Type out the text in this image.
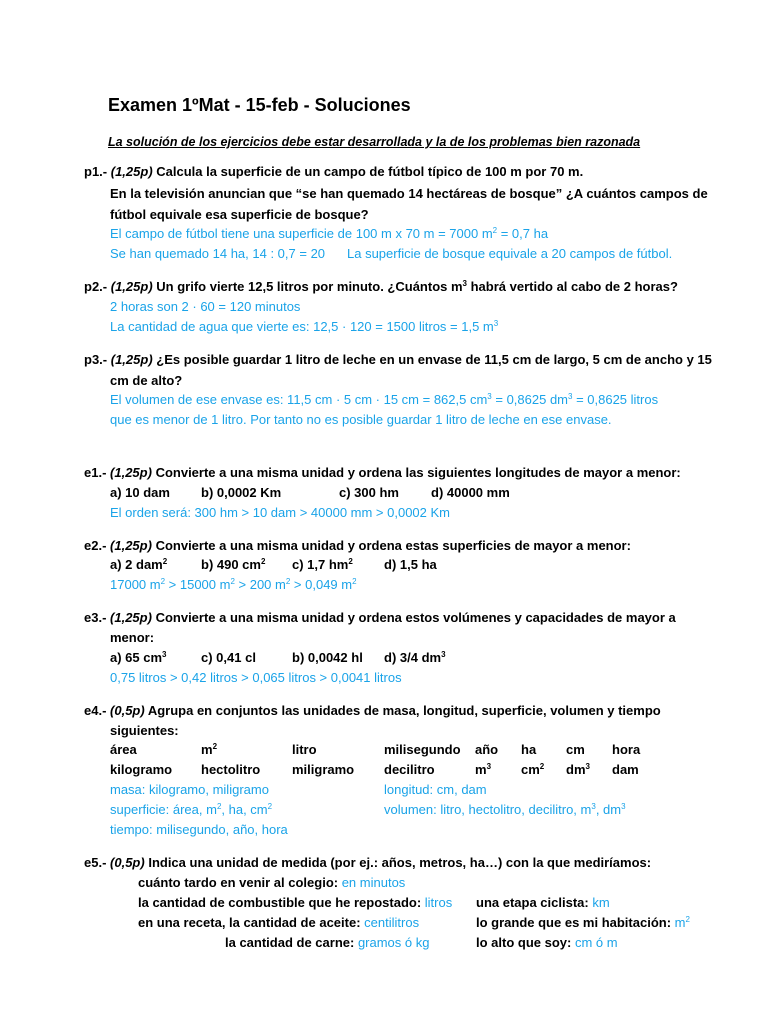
Examen 1ºMat - 15-feb - Soluciones
La solución de los ejercicios debe estar desarrollada y la de los problemas bien razonada
p1.- (1,25p) Calcula la superficie de un campo de fútbol típico de 100 m por 70 m.
En la televisión anuncian que “se han quemado 14 hectáreas de bosque” ¿A cuántos campos de
fútbol equivale esa superficie de bosque?
El campo de fútbol tiene una superficie de 100 m x 70 m = 7000 $m^2 = 0,7$ ha
Se han quemado 14 ha, 14 : 0,7 = 20 La superficie de bosque equivale a 20 campos de fútbol.
p2.- (1,25p) Un grifo vierte 12,5 litros por minuto. ¿Cuántos $m^3$ habrá vertido al cabo de 2 horas?
2 horas son 2 · 60 = 120 minutos
La cantidad de agua que vierte es: 12,5 · 120 = 1500 litros = 1,5 $m^3$
p3.- (1,25p) ¿Es posible guardar 1 litro de leche en un envase de 11,5 cm de largo, 5 cm de ancho y 15
cm de alto?
El volumen de ese envase es: 11,5 cm · 5 cm · 15 cm = 862,5 $cm^3 = 0,8625$ $dm^3 = 0,8625$ litros
que es menor de 1 litro. Por tanto no es posible guardar 1 litro de leche en ese envase.
e1.- (1,25p) Convierte a una misma unidad y ordena las siguientes longitudes de mayor a menor:
a) 10 dam b) 0,0002 Km	c) 300 hm d) 40000 mm
El orden será: 300 hm > 10 dam > 40000 mm > 0,0002 Km
e2.- (1,25p) Convierte a una misma unidad y ordena estas superficies de mayor a menor:
a) 2 dam$^2$	b) 490 $cm^2$ c) 1,7 $hm^2$ d) 1,5 ha
17000 $m^2 > 15000$ $m^2 > 200$ $m^2 > 0,049$ $m^2$
e3.- (1,25p) Convierte a una misma unidad y ordena estos volúmenes y capacidades de mayor a
menor:
a) 65 $cm^3$	c) 0,41 cl	b) 0,0042 hl d) 3/4 $dm^3$
0,75 litros > 0,42 litros > 0,065 litros > 0,0041 litros
e4.- (0,5p) Agrupa en conjuntos las unidades de masa, longitud, superficie, volumen y tiempo
siguientes:
área	$m^2$	litro	milisegundo año ha cm hora
kilogramo hectolitro miligramo decilitro	$m^3$ $cm^2$ $dm^3$ dam
masa: kilogramo, miligramo	longitud: cm, dam
superficie: área, $m^2$, ha, $cm^2$	volumen: litro, hectolitro, decilitro, $m^3$, $dm^3$
tiempo: milisegundo, año, hora
e5.- (0,5p) Indica una unidad de medida (por ej.: años, metros, ha…) con la que mediríamos:
cuánto tardo en venir al colegio: en minutos
la cantidad de combustible que he repostado: litros una etapa ciclista: km
en una receta, la cantidad de aceite: centilitros	lo grande que es mi habitación: $m^2$
la cantidad de carne: gramos ó kg	lo alto que soy: cm ó m
